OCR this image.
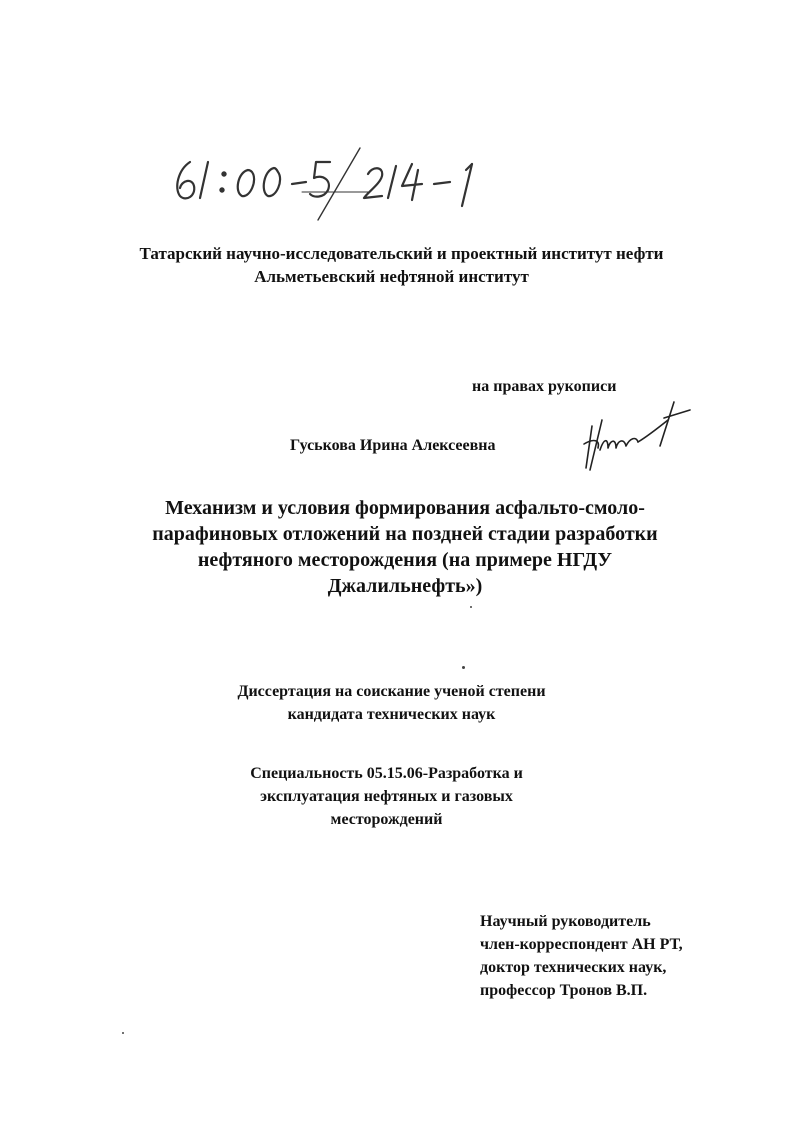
Татарский научно-исследовательский и проектный институт нефти
Альметьевский нефтяной институт
на правах рукописи
Гуськова Ирина Алексеевна
Механизм и условия формирования асфальто-смоло-
парафиновых отложений на поздней стадии разработки
нефтяного месторождения (на примере НГДУ
Джалильнефть»)
Диссертация на соискание ученой степени
кандидата технических наук
Специальность 05.15.06-Разработка и
эксплуатация нефтяных и газовых
месторождений
Научный руководитель
член-корреспондент АН РТ,
доктор технических наук,
профессор Тронов В.П.
